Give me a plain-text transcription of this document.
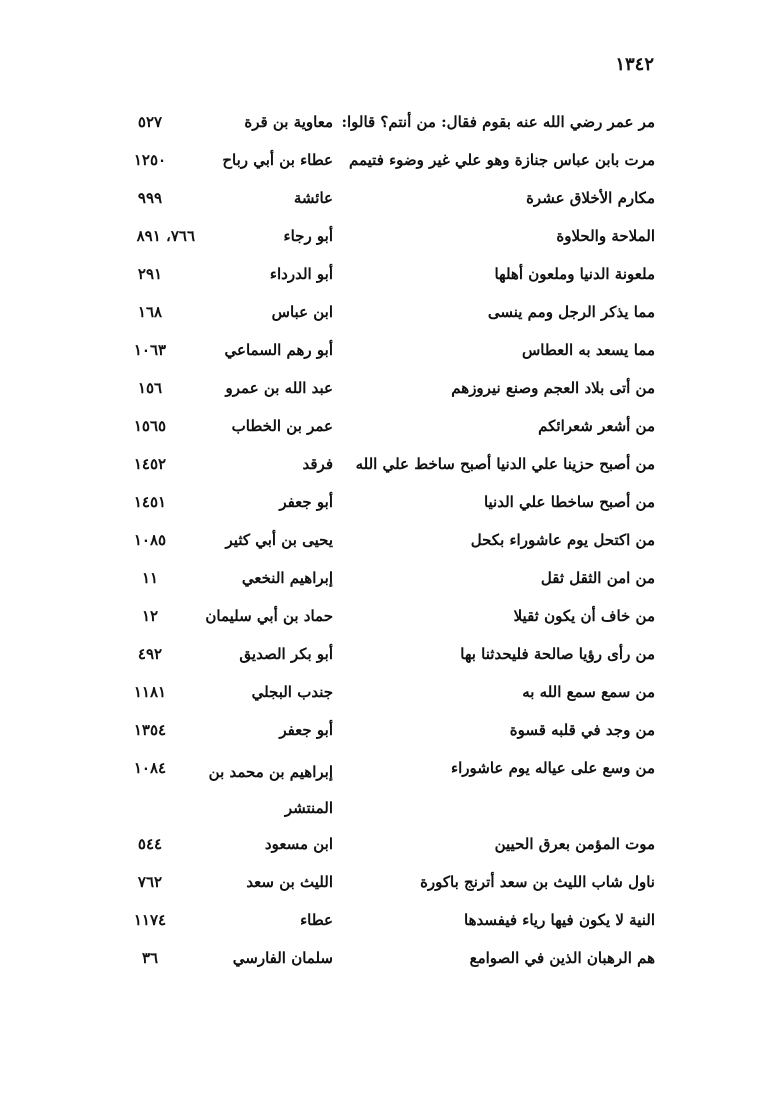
١٣٤٢
مر عمر رضي الله عنه بقوم فقال: من أنتم؟ قالوا:
معاوية بن قرة
٥٢٧
مرت بابن عباس جنازة وهو علي غير وضوء فتيمم
عطاء بن أبي رباح
١٢٥٠
مكارم الأخلاق عشرة
عائشة
٩٩٩
الملاحة والحلاوة
أبو رجاء
٧٦٦، ٨٩١
ملعونة الدنيا وملعون أهلها
أبو الدرداء
٢٩١
مما يذكر الرجل ومم ينسى
ابن عباس
١٦٨
مما يسعد به العطاس
أبو رهم السماعي
١٠٦٣
من أتى بلاد العجم وصنع نيروزهم
عبد الله بن عمرو
١٥٦
من أشعر شعرائكم
عمر بن الخطاب
١٥٦٥
من أصبح حزينا علي الدنيا أصبح ساخط علي الله
فرقد
١٤٥٢
من أصبح ساخطا علي الدنيا
أبو جعفر
١٤٥١
من اكتحل يوم عاشوراء بكحل
يحيى بن أبي كثير
١٠٨٥
من امن الثقل ثقل
إبراهيم النخعي
١١
من خاف أن يكون ثقيلا
حماد بن أبي سليمان
١٢
من رأى رؤيا صالحة فليحدثنا بها
أبو بكر الصديق
٤٩٢
من سمع سمع الله به
جندب البجلي
١١٨١
من وجد في قلبه قسوة
أبو جعفر
١٣٥٤
من وسع على عياله يوم عاشوراء
إبراهيم بن محمد بن المنتشر
١٠٨٤
موت المؤمن بعرق الحيين
ابن مسعود
٥٤٤
ناول شاب الليث بن سعد أترنج باكورة
الليث بن سعد
٧٦٢
النية لا يكون فيها رياء فيفسدها
عطاء
١١٧٤
هم الرهبان الذين في الصوامع
سلمان الفارسي
٣٦
